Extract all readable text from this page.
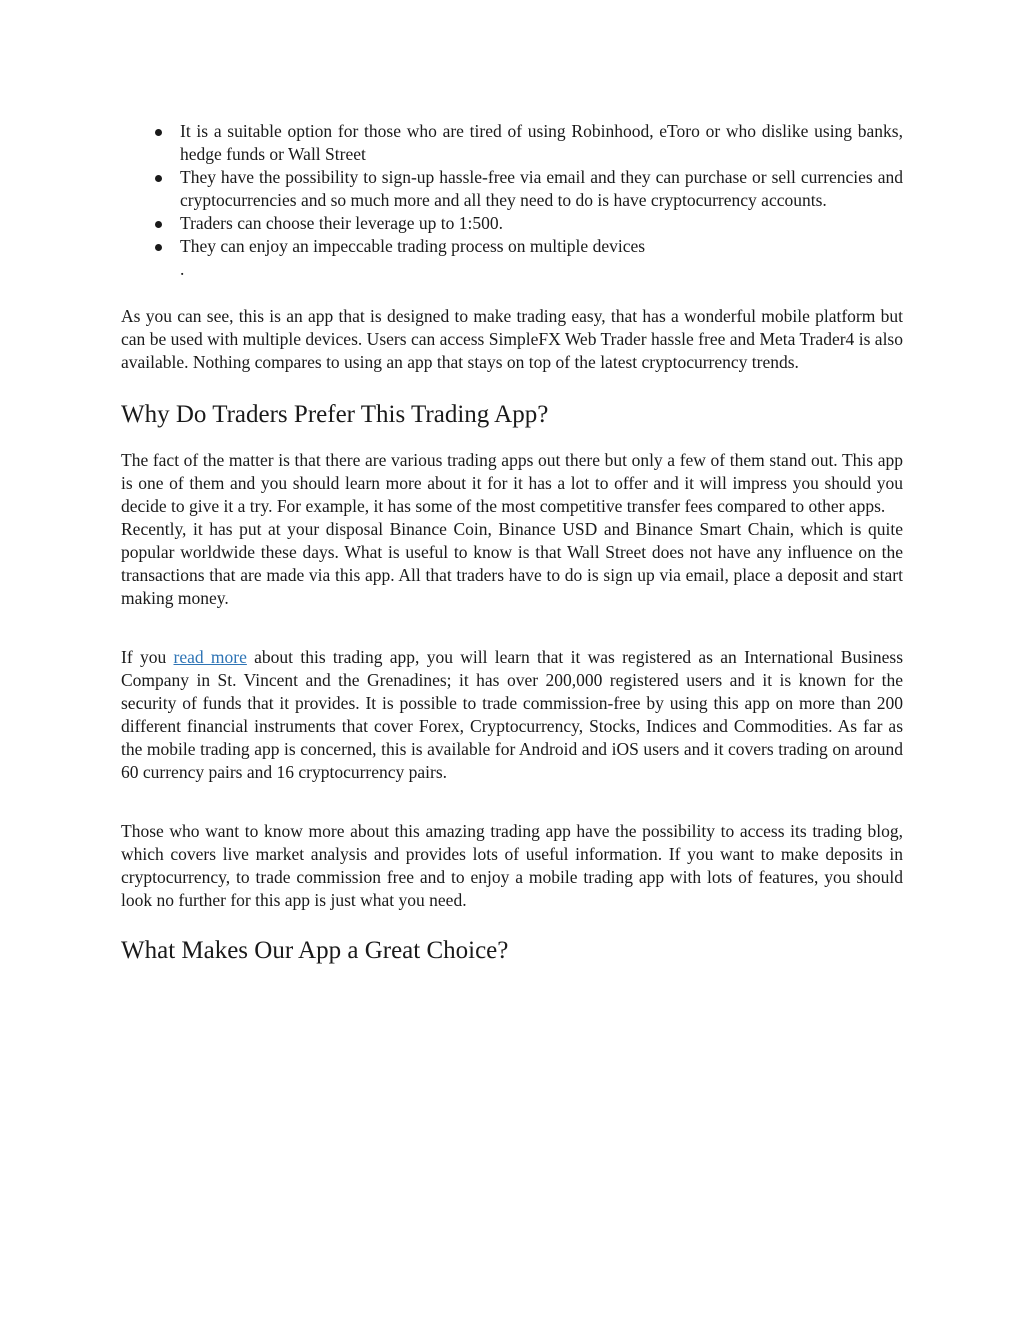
It is a suitable option for those who are tired of using Robinhood, eToro or who dislike using banks, hedge funds or Wall Street
They have the possibility to sign-up hassle-free via email and they can purchase or sell currencies and cryptocurrencies and so much more and all they need to do is have cryptocurrency accounts.
Traders can choose their leverage up to 1:500.
They can enjoy an impeccable trading process on multiple devices
.

As you can see, this is an app that is designed to make trading easy, that has a wonderful mobile platform but can be used with multiple devices. Users can access SimpleFX Web Trader hassle free and Meta Trader4 is also available. Nothing compares to using an app that stays on top of the latest cryptocurrency trends.

Why Do Traders Prefer This Trading App?

The fact of the matter is that there are various trading apps out there but only a few of them stand out. This app is one of them and you should learn more about it for it has a lot to offer and it will impress you should you decide to give it a try. For example, it has some of the most competitive transfer fees compared to other apps.

Recently, it has put at your disposal Binance Coin, Binance USD and Binance Smart Chain, which is quite popular worldwide these days. What is useful to know is that Wall Street does not have any influence on the transactions that are made via this app. All that traders have to do is sign up via email, place a deposit and start making money.

If you read more about this trading app, you will learn that it was registered as an International Business Company in St. Vincent and the Grenadines; it has over 200,000 registered users and it is known for the security of funds that it provides. It is possible to trade commission-free by using this app on more than 200 different financial instruments that cover Forex, Cryptocurrency, Stocks, Indices and Commodities. As far as the mobile trading app is concerned, this is available for Android and iOS users and it covers trading on around 60 currency pairs and 16 cryptocurrency pairs.

Those who want to know more about this amazing trading app have the possibility to access its trading blog, which covers live market analysis and provides lots of useful information. If you want to make deposits in cryptocurrency, to trade commission free and to enjoy a mobile trading app with lots of features, you should look no further for this app is just what you need.

What Makes Our App a Great Choice?
